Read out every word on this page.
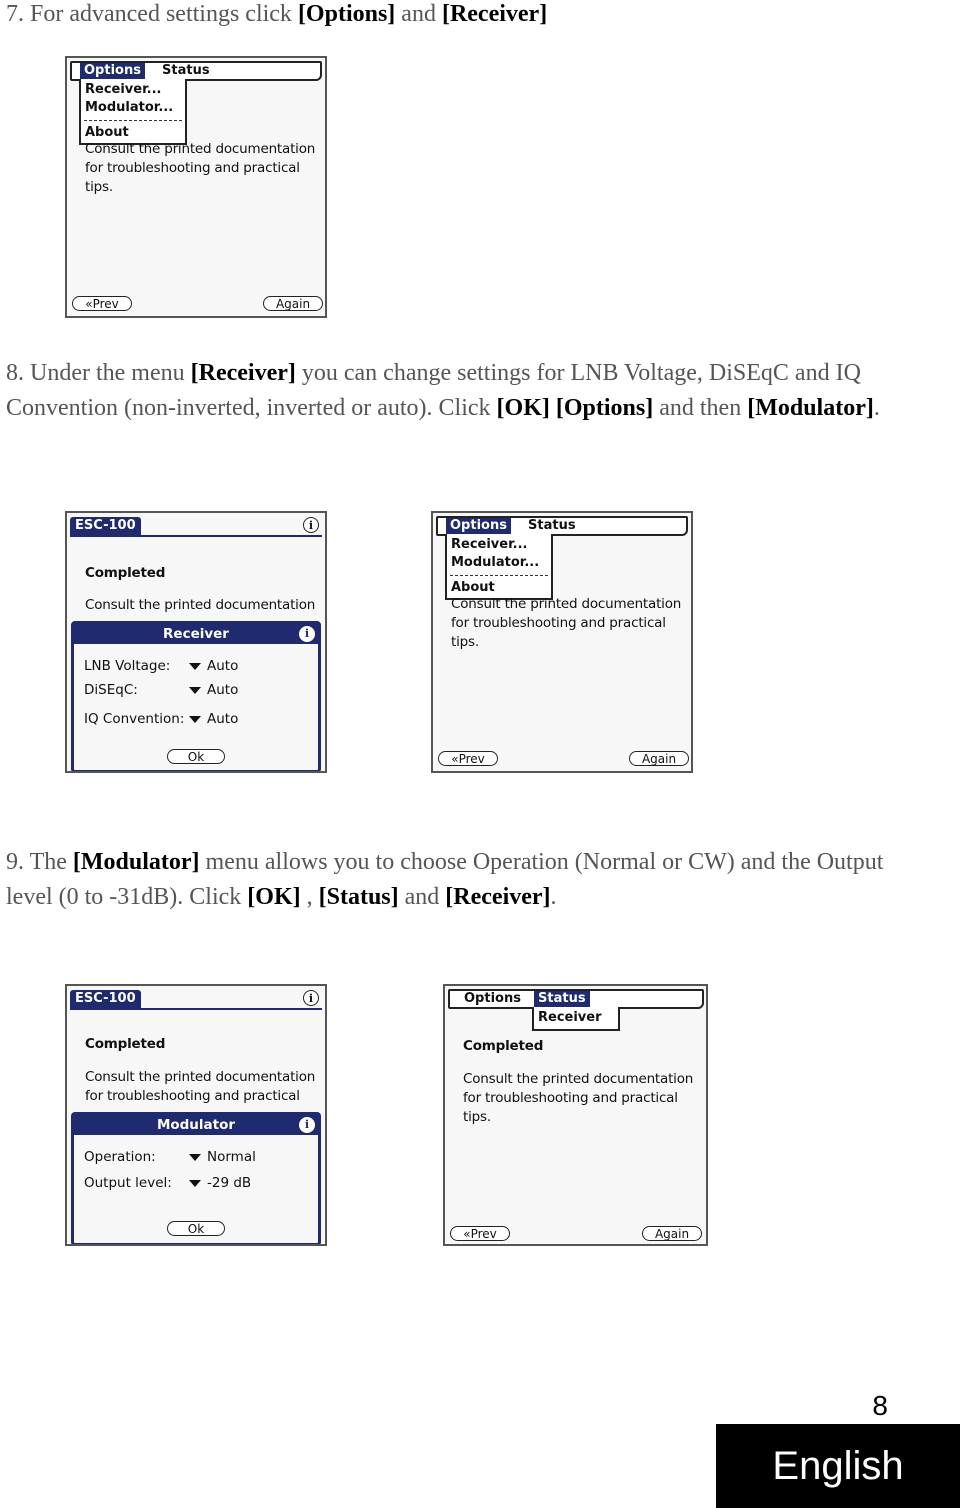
7. For advanced settings click [Options] and [Receiver]

Options	Status
Receiver...
Modulator...
About
Consult the printed documentation
for troubleshooting and practical
tips.
«Prev	Again

8. Under the menu [Receiver] you can change settings for LNB Voltage, DiSEqC and IQ Convention (non-inverted, inverted or auto). Click [OK] [Options] and then [Modulator].

ESC-100	i
Completed
Consult the printed documentation
Receiver	i
LNB Voltage:	Auto
DiSEqC:	Auto
IQ Convention:	Auto
Ok
Options	Status
Receiver...
Modulator...
About
Consult the printed documentation
for troubleshooting and practical
tips.
«Prev	Again

9. The [Modulator] menu allows you to choose Operation (Normal or CW) and the Output level (0 to -31dB). Click [OK] , [Status] and [Receiver].

ESC-100	i
Completed
Consult the printed documentation
for troubleshooting and practical
Modulator	i
Operation:	Normal
Output level:	-29 dB
Ok
Options	Status
Receiver
Completed
Consult the printed documentation
for troubleshooting and practical
tips.
«Prev	Again
8
English
